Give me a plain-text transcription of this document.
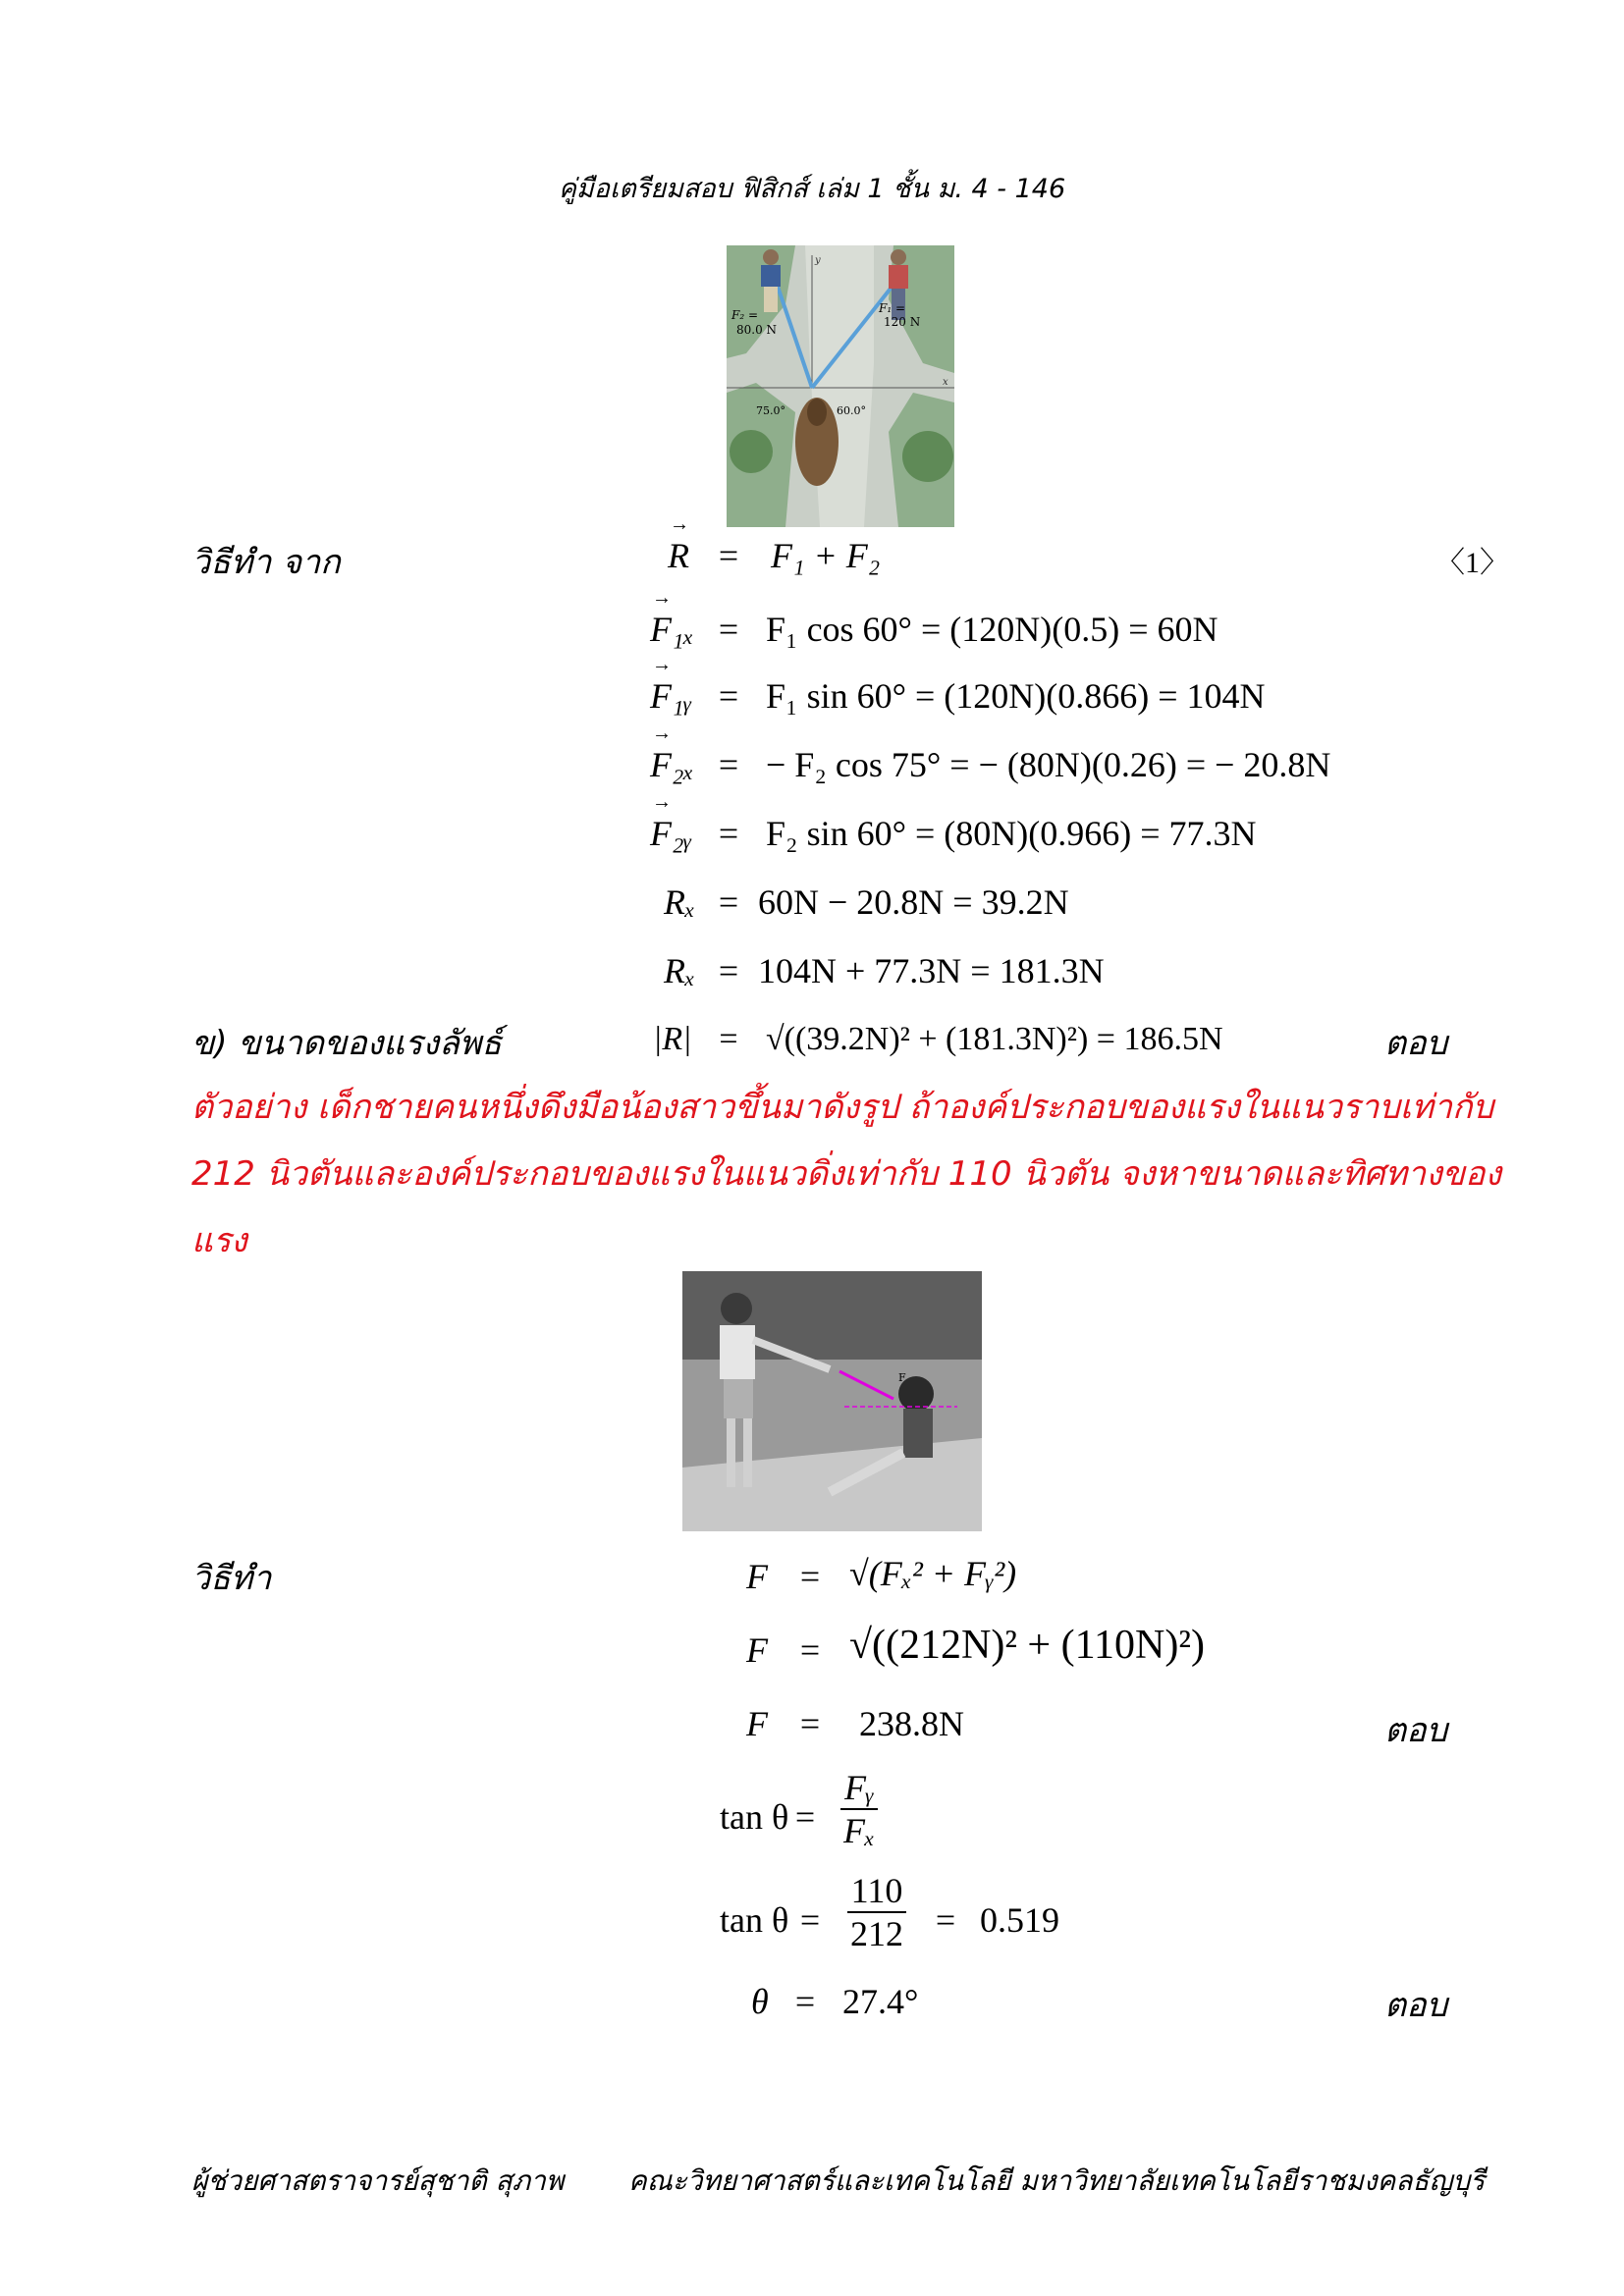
คู่มือเตรียมสอบ ฟิสิกส์ เล่ม 1 ชั้น ม. 4 - 146
x
y
F₂ =
80.0 N
F₁ =
120 N
75.0°	60.0°
วิธีทำ จาก	〈1〉
→ R = F₁ + F₂
→ F₁ₓ = F₁ cos 60° = (120N)(0.5) = 60N
→ F₁ᵧ = F₁ sin 60° = (120N)(0.866) = 104N
→ F₂ₓ = − F₂ cos 75° = − (80N)(0.26) = − 20.8N
→ F₂ᵧ = F₂ sin 60° = (80N)(0.966) = 77.3N
Rₓ = 60N − 20.8N = 39.2N
Rₓ = 104N + 77.3N = 181.3N
ข) ขนาดของแรงลัพธ์	|R| = √((39.2N)² + (181.3N)²) = 186.5N	ตอบ
ตัวอย่าง เด็กชายคนหนึ่งดึงมือน้องสาวขึ้นมาดังรูป ถ้าองค์ประกอบของแรงในแนวราบเท่ากับ
212 นิวตันและองค์ประกอบของแรงในแนวดิ่งเท่ากับ 110 นิวตัน จงหาขนาดและทิศทางของ
แรง
F
วิธีทำ	F = √(Fₓ² + Fᵧ²)
F = √((212N)² + (110N)²)
F = 238.8N	ตอบ
$\tan \theta = \frac{\text{Fᵧ}}{\text{Fₓ}}$
$\tan \theta = \frac{110}{212} = 0.519$
θ = 27.4°	ตอบ
ผู้ช่วยศาสตราจารย์สุชาติ สุภาพ คณะวิทยาศาสตร์และเทคโนโลยี มหาวิทยาลัยเทคโนโลยีราชมงคลธัญบุรี
